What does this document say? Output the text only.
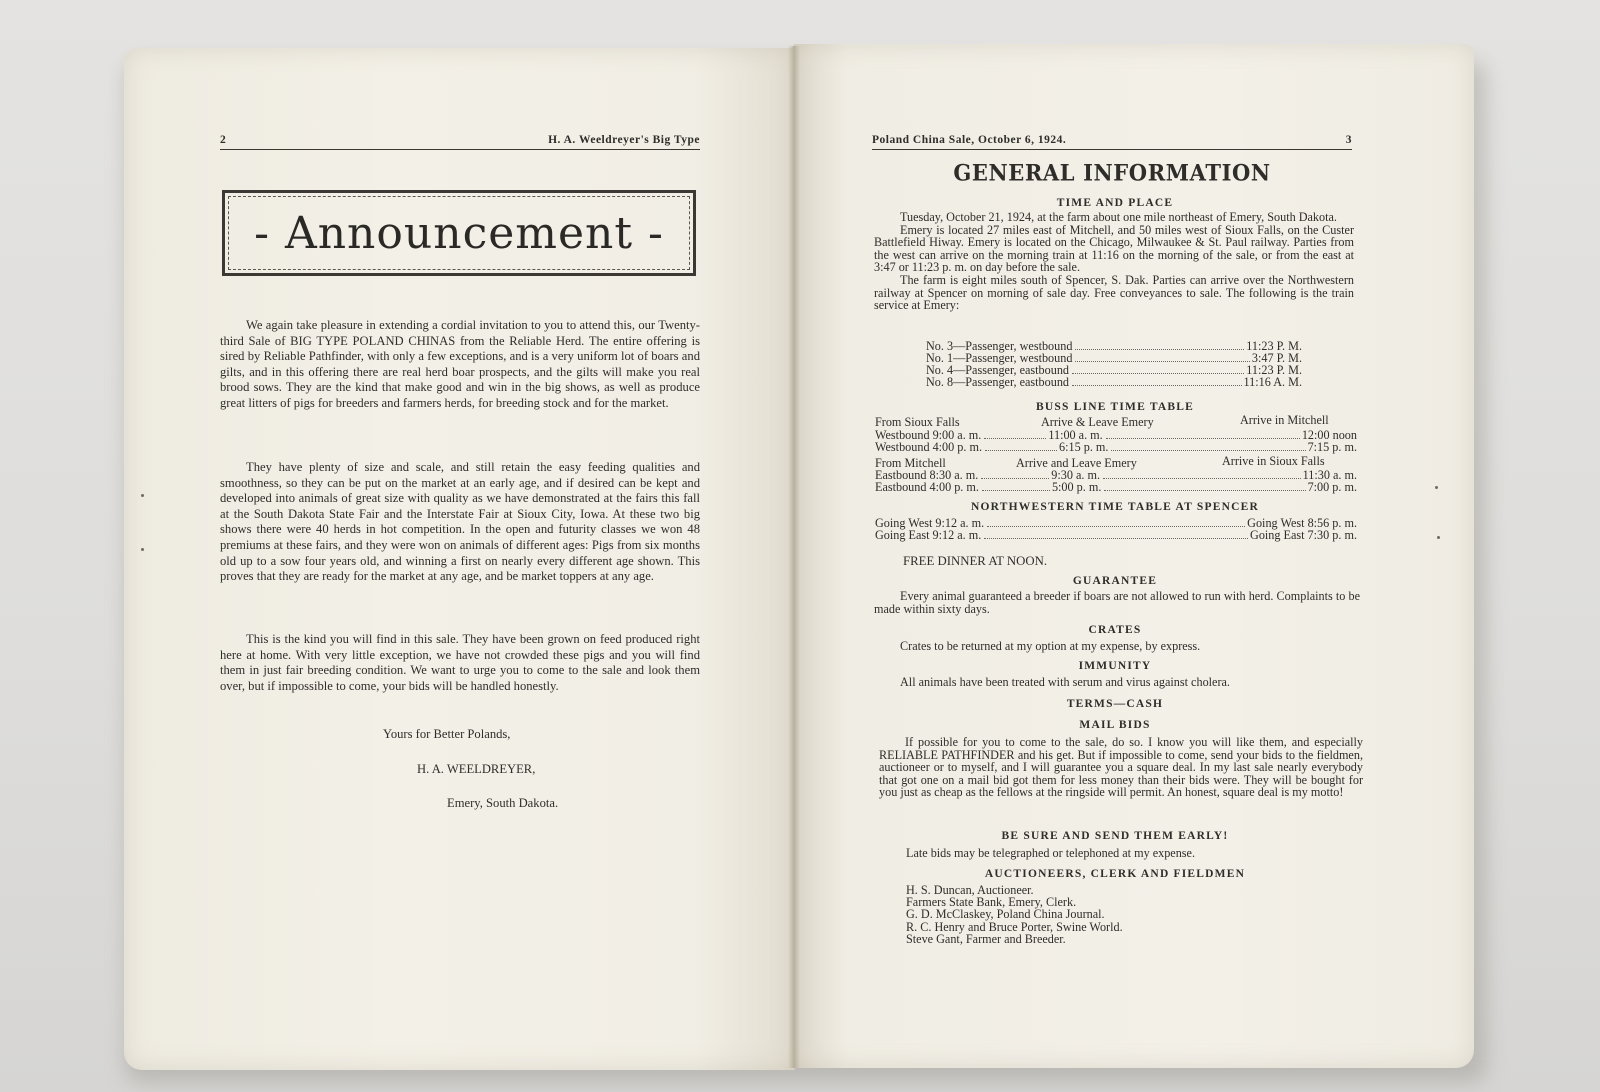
2	H. A. Weeldreyer's Big Type
- Announcement -
We again take pleasure in extending a cordial invitation to you to attend this, our Twenty-third Sale of BIG TYPE POLAND CHINAS from the Reliable Herd. The entire offering is sired by Reliable Pathfinder, with only a few exceptions, and is a very uniform lot of boars and gilts, and in this offering there are real herd boar prospects, and the gilts will make you real brood sows. They are the kind that make good and win in the big shows, as well as produce great litters of pigs for breeders and farmers herds, for breeding stock and for the market.
They have plenty of size and scale, and still retain the easy feeding qualities and smoothness, so they can be put on the market at an early age, and if desired can be kept and developed into animals of great size with quality as we have demonstrated at the fairs this fall at the South Dakota State Fair and the Interstate Fair at Sioux City, Iowa. At these two big shows there were 40 herds in hot competition. In the open and futurity classes we won 48 premiums at these fairs, and they were won on animals of different ages: Pigs from six months old up to a sow four years old, and winning a first on nearly every different age shown. This proves that they are ready for the market at any age, and be market toppers at any age.
This is the kind you will find in this sale. They have been grown on feed produced right here at home. With very little exception, we have not crowded these pigs and you will find them in just fair breeding condition. We want to urge you to come to the sale and look them over, but if impossible to come, your bids will be handled honestly.
Yours for Better Polands,
H. A. WEELDREYER,
Emery, South Dakota.
Poland China Sale, October 6, 1924.	3
GENERAL INFORMATION
TIME AND PLACE
Tuesday, October 21, 1924, at the farm about one mile northeast of Emery, South Dakota.
Emery is located 27 miles east of Mitchell, and 50 miles west of Sioux Falls, on the Custer Battlefield Hiway. Emery is located on the Chicago, Milwaukee & St. Paul railway. Parties from the west can arrive on the morning train at 11:16 on the morning of the sale, or from the east at 3:47 or 11:23 p. m. on day before the sale.
The farm is eight miles south of Spencer, S. Dak. Parties can arrive over the Northwestern railway at Spencer on morning of sale day. Free conveyances to sale. The following is the train service at Emery:
No. 3—Passenger, westbound	11:23 P. M.
No. 1—Passenger, westbound	3:47 P. M.
No. 4—Passenger, eastbound	11:23 P. M.
No. 8—Passenger, eastbound	11:16 A. M.
BUSS LINE TIME TABLE
From Sioux Falls	Arrive & Leave Emery	Arrive in Mitchell
Westbound 9:00 a. m.	11:00 a. m.	12:00 noon
Westbound 4:00 p. m.	6:15 p. m.	7:15 p. m.
From Mitchell	Arrive and Leave Emery	Arrive in Sioux Falls
Eastbound 8:30 a. m.	9:30 a. m.	11:30 a. m.
Eastbound 4:00 p. m.	5:00 p. m.	7:00 p. m.
NORTHWESTERN TIME TABLE AT SPENCER
Going West 9:12 a. m.	Going West 8:56 p. m.
Going East 9:12 a. m.	Going East 7:30 p. m.
FREE DINNER AT NOON.
GUARANTEE
Every animal guaranteed a breeder if boars are not allowed to run with herd. Complaints to be made within sixty days.
CRATES
Crates to be returned at my option at my expense, by express.
IMMUNITY
All animals have been treated with serum and virus against cholera.
TERMS—CASH
MAIL BIDS
If possible for you to come to the sale, do so. I know you will like them, and especially RELIABLE PATHFINDER and his get. But if impossible to come, send your bids to the fieldmen, auctioneer or to myself, and I will guarantee you a square deal. In my last sale nearly everybody that got one on a mail bid got them for less money than their bids were. They will be bought for you just as cheap as the fellows at the ringside will permit. An honest, square deal is my motto!
BE SURE AND SEND THEM EARLY!
Late bids may be telegraphed or telephoned at my expense.
AUCTIONEERS, CLERK AND FIELDMEN
H. S. Duncan, Auctioneer.
Farmers State Bank, Emery, Clerk.
G. D. McClaskey, Poland China Journal.
R. C. Henry and Bruce Porter, Swine World.
Steve Gant, Farmer and Breeder.
